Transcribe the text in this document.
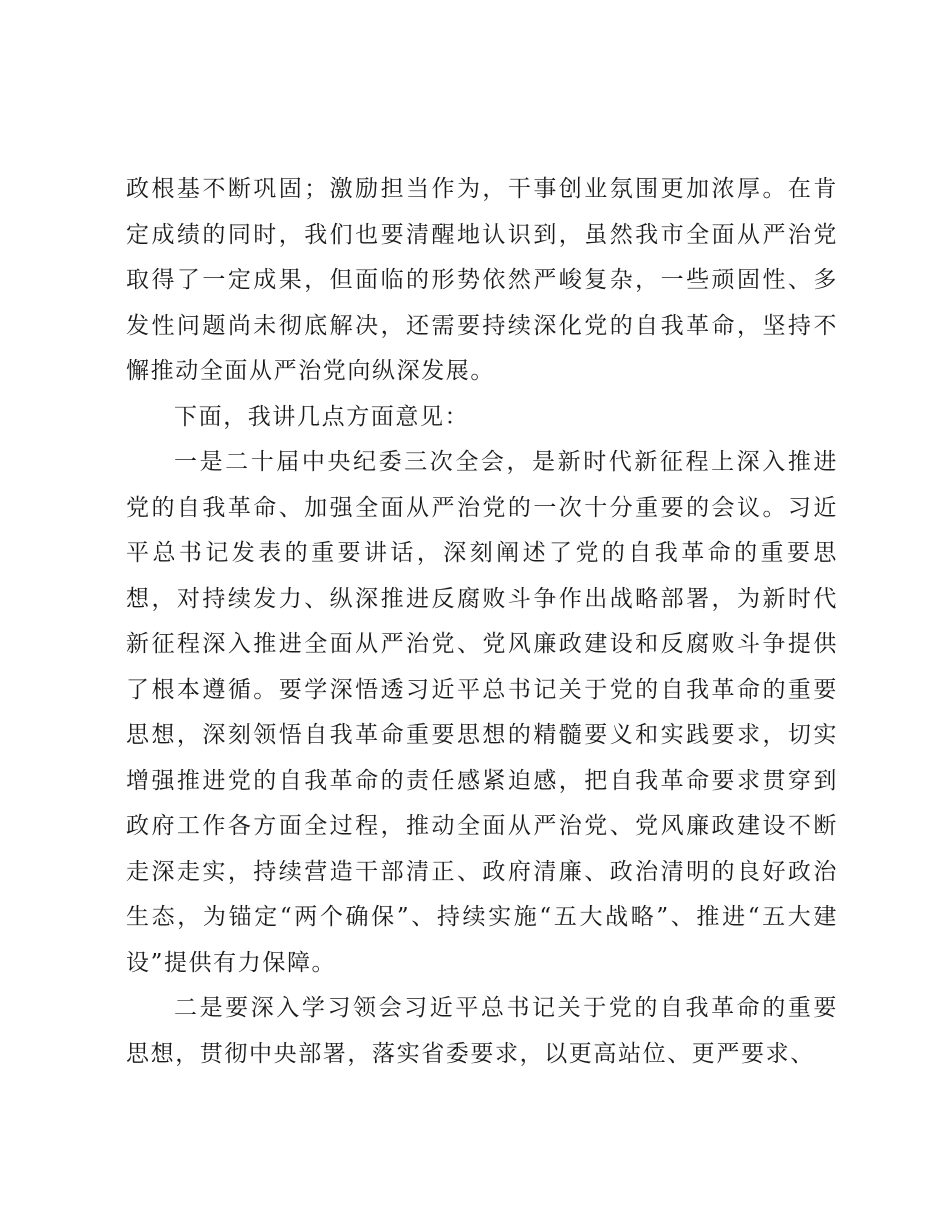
政根基不断巩固；激励担当作为，干事创业氛围更加浓厚。在肯定成绩的同时，我们也要清醒地认识到，虽然我市全面从严治党取得了一定成果，但面临的形势依然严峻复杂，一些顽固性、多发性问题尚未彻底解决，还需要持续深化党的自我革命，坚持不懈推动全面从严治党向纵深发展。

下面，我讲几点方面意见：

一是二十届中央纪委三次全会，是新时代新征程上深入推进党的自我革命、加强全面从严治党的一次十分重要的会议。习近平总书记发表的重要讲话，深刻阐述了党的自我革命的重要思想，对持续发力、纵深推进反腐败斗争作出战略部署，为新时代新征程深入推进全面从严治党、党风廉政建设和反腐败斗争提供了根本遵循。要学深悟透习近平总书记关于党的自我革命的重要思想，深刻领悟自我革命重要思想的精髓要义和实践要求，切实增强推进党的自我革命的责任感紧迫感，把自我革命要求贯穿到政府工作各方面全过程，推动全面从严治党、党风廉政建设不断走深走实，持续营造干部清正、政府清廉、政治清明的良好政治生态，为锚定“两个确保”、持续实施“五大战略”、推进“五大建设”提供有力保障。

二是要深入学习领会习近平总书记关于党的自我革命的重要思想，贯彻中央部署，落实省委要求，以更高站位、更严要求、
